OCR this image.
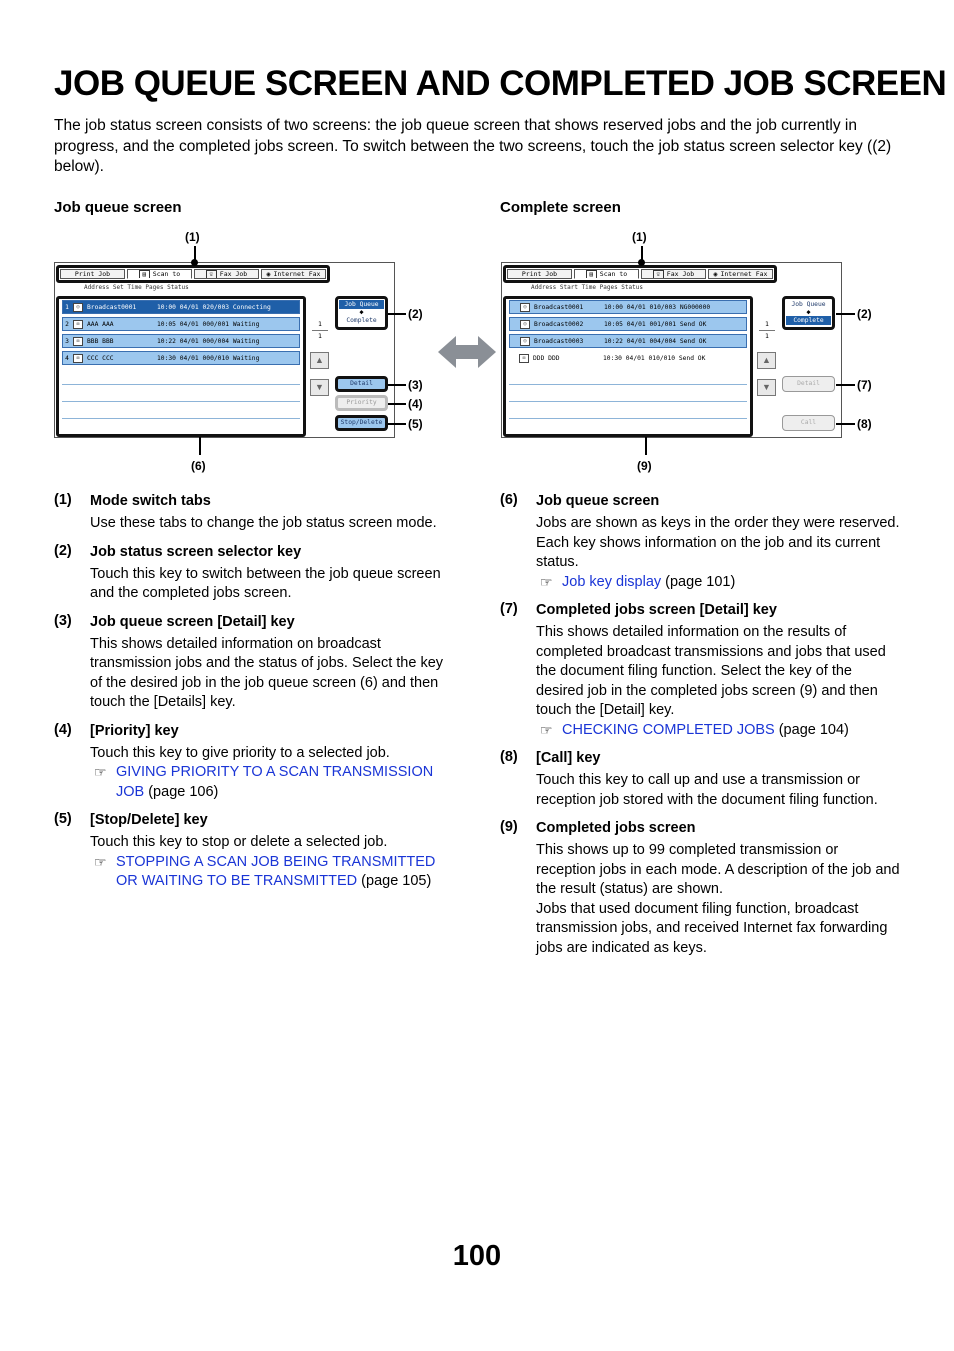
JOB QUEUE SCREEN AND COMPLETED JOB SCREEN
The job status screen consists of two screens: the job queue screen that shows reserved jobs and the job currently in progress, and the completed jobs screen. To switch between the two screens, touch the job status screen selector key ((2) below).
Job queue screen	Complete screen
Print Job	▤	Scan to	☏	Fax Job	◉ Internet Fax
Address Set Time Pages Status
1	◎	Broadcast0001	10:00 04/01 020/003 Connecting
2	✉	AAA AAA	10:05 04/01 000/001 Waiting
3	✉	BBB BBB	10:22 04/01 000/004 Waiting
4	✉	CCC CCC	10:30 04/01 000/010 Waiting
1
1
▲
▼
Job Queue
◆
Complete
Detail
Priority
Stop/Delete
Print Job	▤	Scan to	☏	Fax Job	◉ Internet Fax
Address Start Time Pages Status
◎	Broadcast0001	10:00 04/01 010/003 NG000000
◎	Broadcast0002	10:05 04/01 001/001 Send OK
◎	Broadcast0003	10:22 04/01 004/004 Send OK
✉	DDD DDD	10:30 04/01 010/010 Send OK
1
1
▲
▼
Job Queue
◆
Complete
Detail
Call
(1)
(2)
(3)
(4)
(5)
(6)
(1)
(2)
(7)
(8)
(9)
(1) Mode switch tabs
Use these tabs to change the job status screen mode.
(2) Job status screen selector key
Touch this key to switch between the job queue screen and the completed jobs screen.
(3) Job queue screen [Detail] key
This shows detailed information on broadcast transmission jobs and the status of jobs. Select the key of the desired job in the job queue screen (6) and then touch the [Details] key.
(4) [Priority] key
Touch this key to give priority to a selected job.
☞ GIVING PRIORITY TO A SCAN TRANSMISSION JOB (page 106)
(5) [Stop/Delete] key
Touch this key to stop or delete a selected job.
☞ STOPPING A SCAN JOB BEING TRANSMITTED OR WAITING TO BE TRANSMITTED (page 105)
(6) Job queue screen
Jobs are shown as keys in the order they were reserved. Each key shows information on the job and its current status.
☞ Job key display (page 101)
(7) Completed jobs screen [Detail] key
This shows detailed information on the results of completed broadcast transmissions and jobs that used the document filing function. Select the key of the desired job in the completed jobs screen (9) and then touch the [Detail] key.
☞ CHECKING COMPLETED JOBS (page 104)
(8) [Call] key
Touch this key to call up and use a transmission or reception job stored with the document filing function.
(9) Completed jobs screen
This shows up to 99 completed transmission or reception jobs in each mode. A description of the job and the result (status) are shown.
Jobs that used document filing function, broadcast transmission jobs, and received Internet fax forwarding jobs are indicated as keys.
100
